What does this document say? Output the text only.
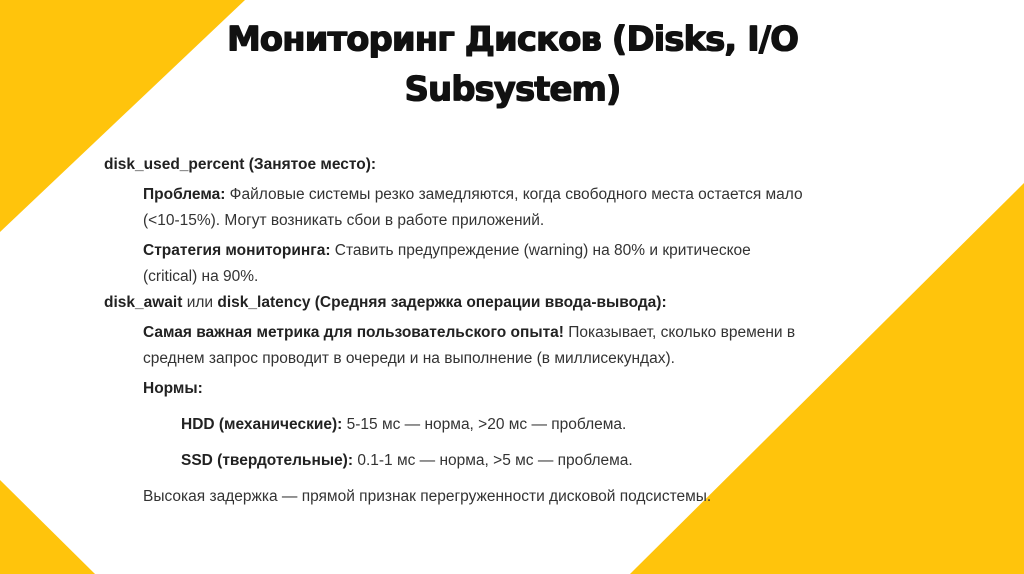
Мониторинг Дисков (Disks, I/O
Subsystem)
disk_used_percent (Занятое место):
Проблема: Файловые системы резко замедляются, когда свободного места остается мало
(<10-15%). Могут возникать сбои в работе приложений.
Стратегия мониторинга: Ставить предупреждение (warning) на 80% и критическое
(critical) на 90%.
disk_await или disk_latency (Средняя задержка операции ввода-вывода):
Самая важная метрика для пользовательского опыта! Показывает, сколько времени в
среднем запрос проводит в очереди и на выполнение (в миллисекундах).
Нормы:
HDD (механические): 5-15 мс — норма, >20 мс — проблема.
SSD (твердотельные): 0.1-1 мс — норма, >5 мс — проблема.
Высокая задержка — прямой признак перегруженности дисковой подсистемы.
